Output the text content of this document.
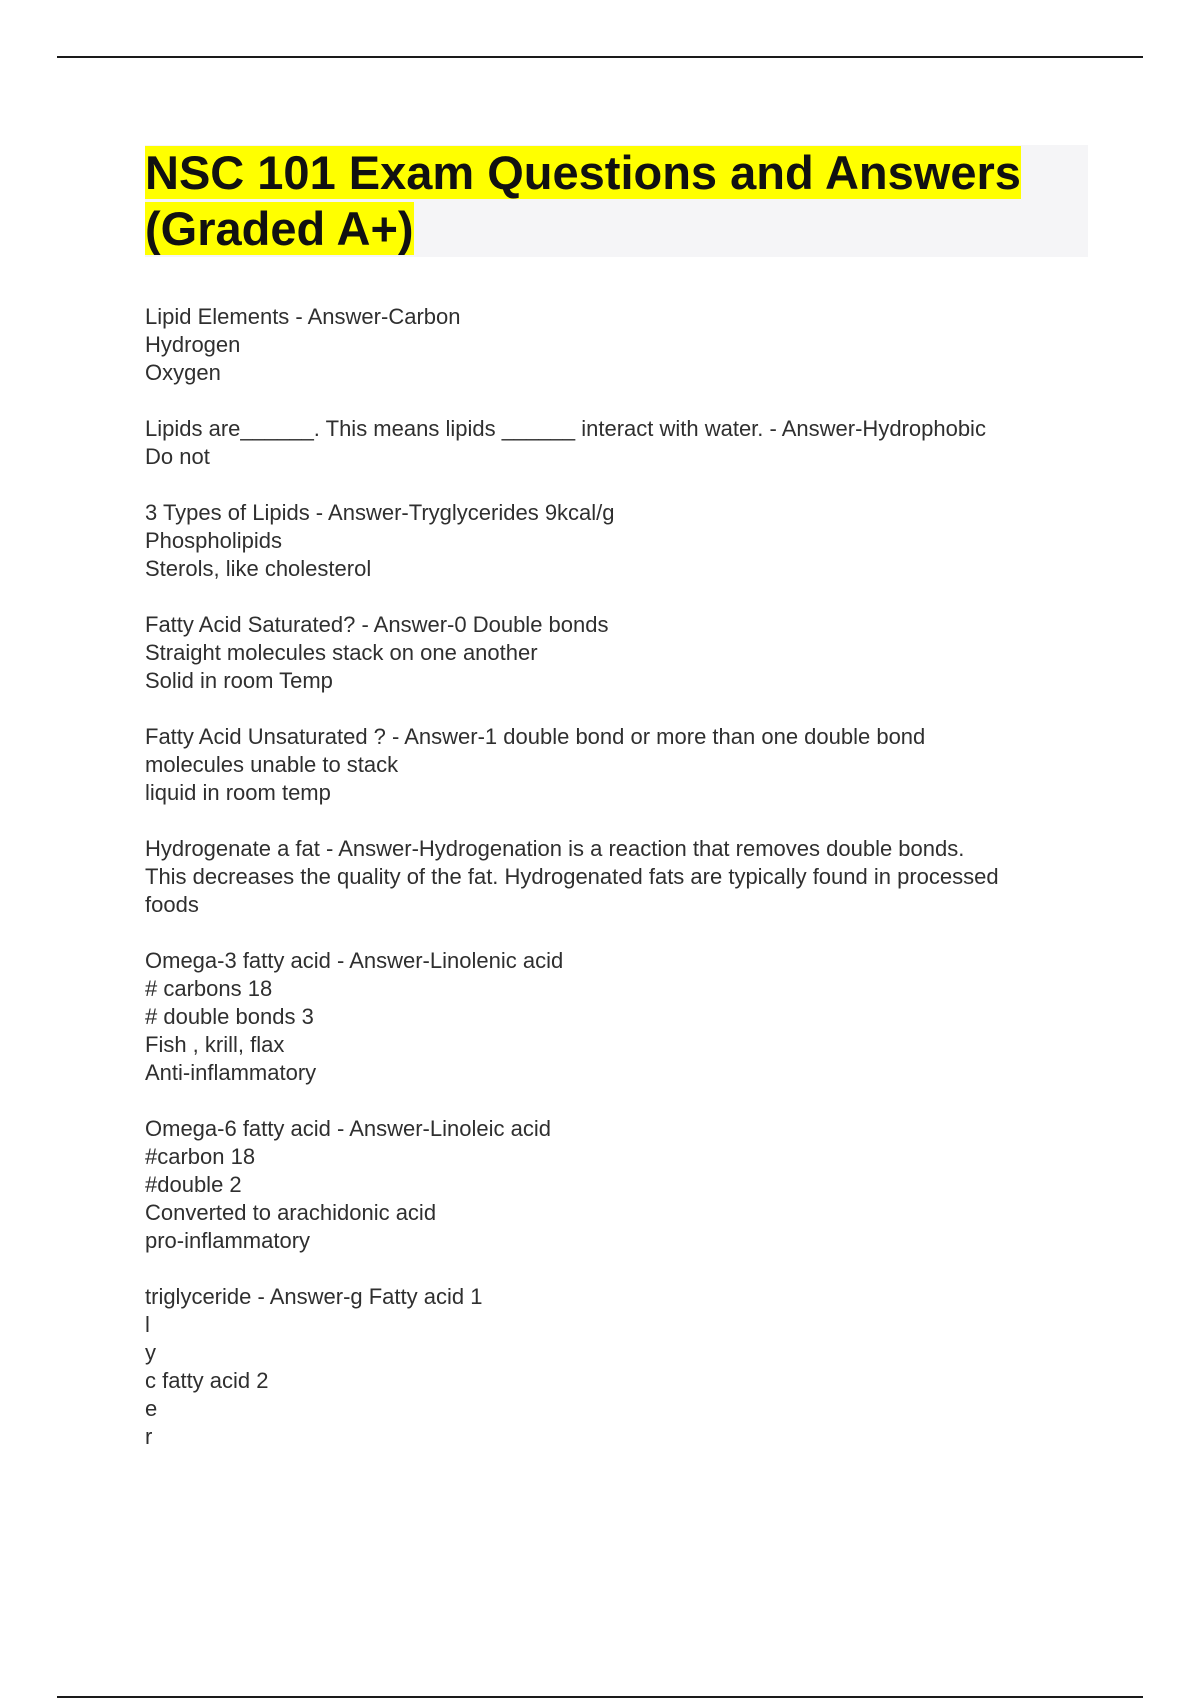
NSC 101 Exam Questions and Answers
(Graded A+)
Lipid Elements - Answer-Carbon
Hydrogen
Oxygen
Lipids are______. This means lipids ______ interact with water. - Answer-Hydrophobic
Do not
3 Types of Lipids - Answer-Tryglycerides 9kcal/g
Phospholipids
Sterols, like cholesterol
Fatty Acid Saturated? - Answer-0 Double bonds
Straight molecules stack on one another
Solid in room Temp
Fatty Acid Unsaturated ? - Answer-1 double bond or more than one double bond
molecules unable to stack
liquid in room temp
Hydrogenate a fat - Answer-Hydrogenation is a reaction that removes double bonds.
This decreases the quality of the fat. Hydrogenated fats are typically found in processed
foods
Omega-3 fatty acid - Answer-Linolenic acid
# carbons 18
# double bonds 3
Fish , krill, flax
Anti-inflammatory
Omega-6 fatty acid - Answer-Linoleic acid
#carbon 18
#double 2
Converted to arachidonic acid
pro-inflammatory
triglyceride - Answer-g Fatty acid 1
l
y
c fatty acid 2
e
r
